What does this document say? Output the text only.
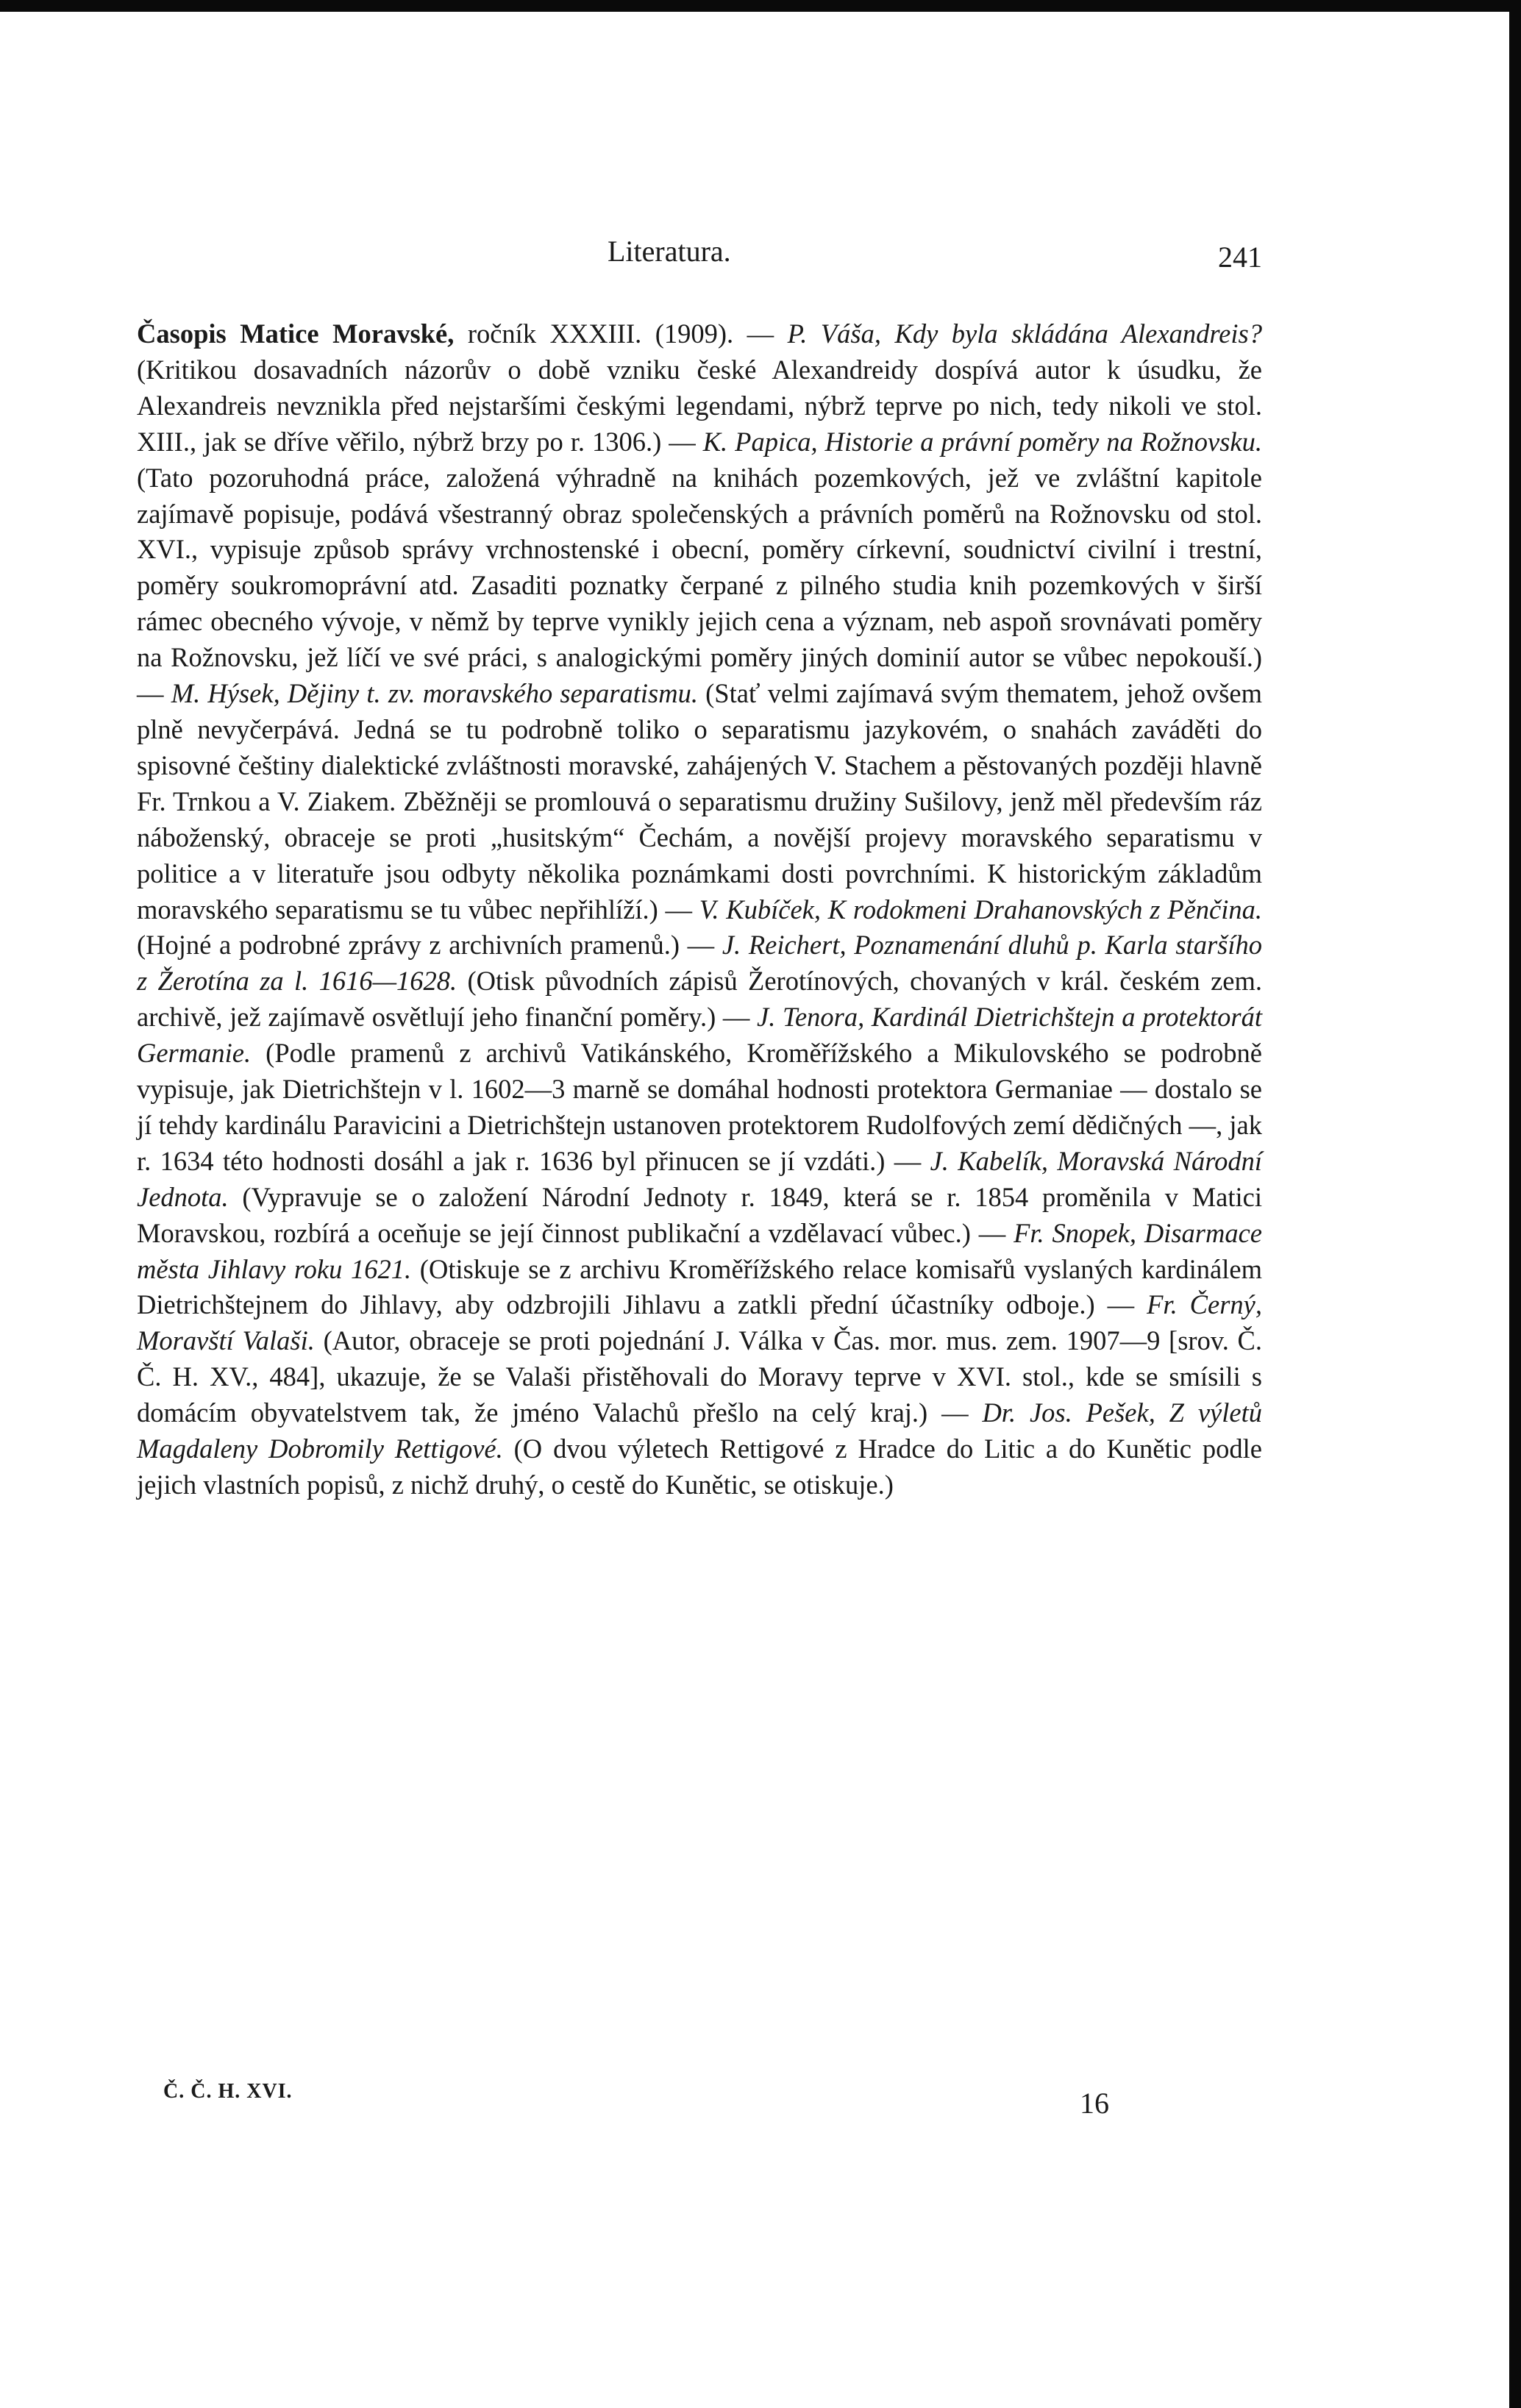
Literatura.	241

Časopis Matice Moravské, ročník XXXIII. (1909). — P. Váša, Kdy byla skládána Alexandreis? (Kritikou dosavadních názorův o době vzniku české Alexandreidy dospívá autor k úsudku, že Alexandreis nevznikla před nejstaršími českými legendami, nýbrž teprve po nich, tedy nikoli ve stol. XIII., jak se dříve věřilo, nýbrž brzy po r. 1306.) — K. Papica, Historie a právní poměry na Rožnovsku. (Tato pozoruhodná práce, založená výhradně na knihách pozemkových, jež ve zvláštní kapitole zajímavě popisuje, podává všestranný obraz společenských a právních poměrů na Rožnovsku od stol. XVI., vypisuje způsob správy vrchnostenské i obecní, poměry církevní, soudnictví civilní i trestní, poměry soukromoprávní atd. Zasaditi poznatky čerpané z pilného studia knih pozemkových v širší rámec obecného vývoje, v němž by teprve vynikly jejich cena a význam, neb aspoň srovnávati poměry na Rožnovsku, jež líčí ve své práci, s analogickými poměry jiných dominií autor se vůbec nepokouší.) — M. Hýsek, Dějiny t. zv. moravského separatismu. (Stať velmi zajímavá svým thematem, jehož ovšem plně nevyčerpává. Jedná se tu podrobně toliko o separatismu jazykovém, o snahách zaváděti do spisovné češtiny dialektické zvláštnosti moravské, zahájených V. Stachem a pěstovaných později hlavně Fr. Trnkou a V. Ziakem. Zběžněji se promlouvá o separatismu družiny Sušilovy, jenž měl především ráz náboženský, obraceje se proti „husitským“ Čechám, a novější projevy moravského separatismu v politice a v literatuře jsou odbyty několika poznámkami dosti povrchními. K historickým základům moravského separatismu se tu vůbec nepřihlíží.) — V. Kubíček, K rodokmeni Drahanovských z Pěnčina. (Hojné a podrobné zprávy z archivních pramenů.) — J. Reichert, Poznamenání dluhů p. Karla staršího z Žerotína za l. 1616—1628. (Otisk původních zápisů Žerotínových, chovaných v král. českém zem. archivě, jež zajímavě osvětlují jeho finanční poměry.) — J. Tenora, Kardinál Dietrichštejn a protektorát Germanie. (Podle pramenů z archivů Vatikánského, Kroměřížského a Mikulovského se podrobně vypisuje, jak Dietrichštejn v l. 1602—3 marně se domáhal hodnosti protektora Germaniae — dostalo se jí tehdy kardinálu Paravicini a Dietrichštejn ustanoven protektorem Rudolfových zemí dědičných —, jak r. 1634 této hodnosti dosáhl a jak r. 1636 byl přinucen se jí vzdáti.) — J. Kabelík, Moravská Národní Jednota. (Vypravuje se o založení Národní Jednoty r. 1849, která se r. 1854 proměnila v Matici Moravskou, rozbírá a oceňuje se její činnost publikační a vzdělavací vůbec.) — Fr. Snopek, Disarmace města Jihlavy roku 1621. (Otiskuje se z archivu Kroměřížského relace komisařů vyslaných kardinálem Dietrichštejnem do Jihlavy, aby odzbrojili Jihlavu a zatkli přední účastníky odboje.) — Fr. Černý, Moravští Valaši. (Autor, obraceje se proti pojednání J. Válka v Čas. mor. mus. zem. 1907—9 [srov. Č. Č. H. XV., 484], ukazuje, že se Valaši přistěhovali do Moravy teprve v XVI. stol., kde se smísili s domácím obyvatelstvem tak, že jméno Valachů přešlo na celý kraj.) — Dr. Jos. Pešek, Z výletů Magdaleny Dobromily Rettigové. (O dvou výletech Rettigové z Hradce do Litic a do Kunětic podle jejich vlastních popisů, z nichž druhý, o cestě do Kunětic, se otiskuje.)

Č. Č. H. XVI.	16
